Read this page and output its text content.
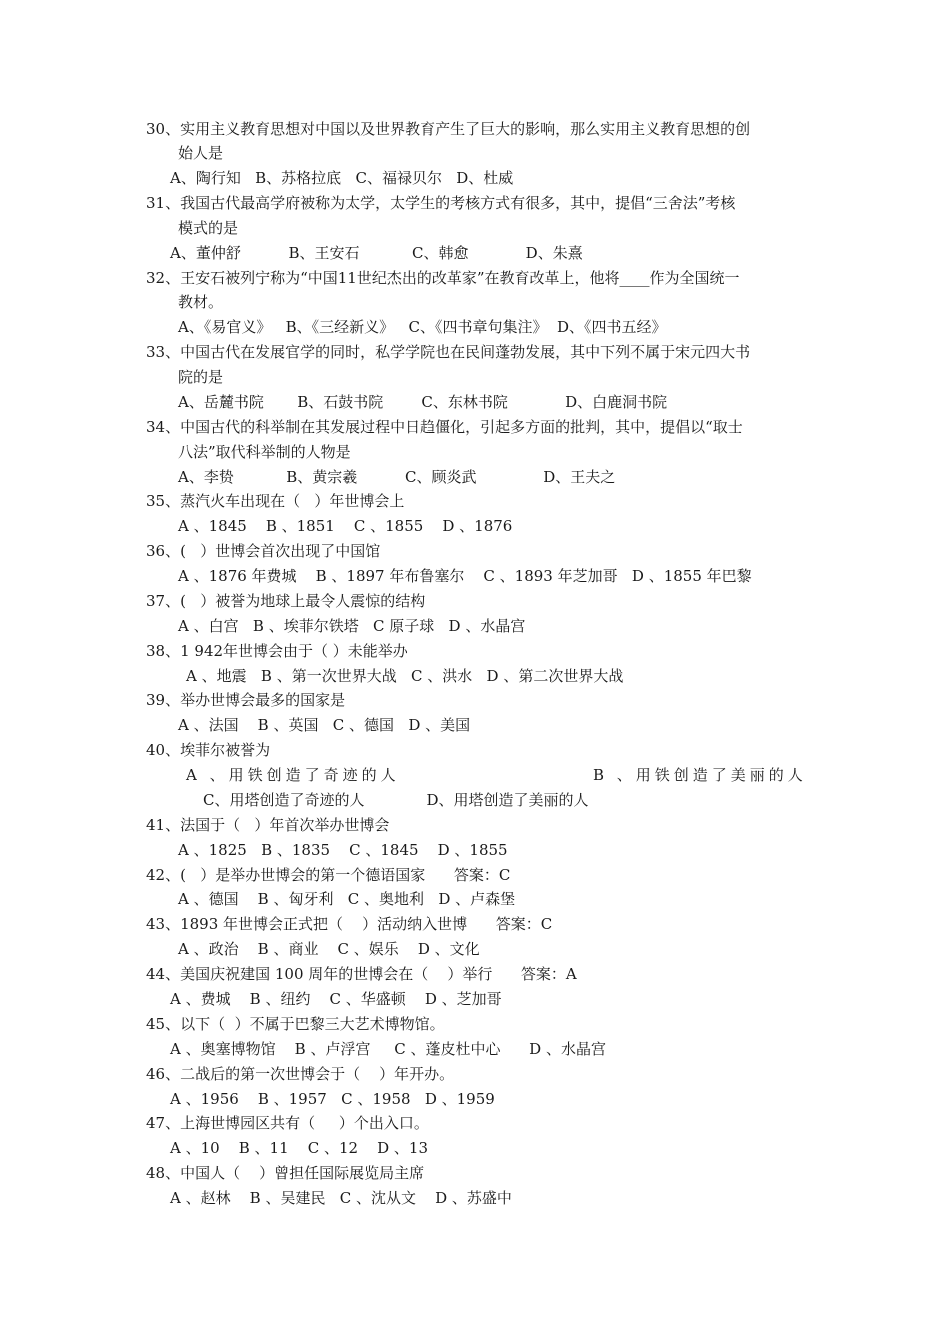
30、实用主义教育思想对中国以及世界教育产生了巨大的影响，那么实用主义教育思想的创
始人是
A、陶行知   B、苏格拉底   C、福禄贝尔   D、杜威
31、我国古代最高学府被称为太学，太学生的考核方式有很多，其中，提倡“三舍法”考核
模式的是
A、董仲舒          B、王安石           C、韩愈            D、朱熹
32、王安石被列宁称为“中国11世纪杰出的改革家”在教育改革上，他将____作为全国统一
教材。
A、《易官义》   B、《三经新义》   C、《四书章句集注》  D、《四书五经》
33、中国古代在发展官学的同时，私学学院也在民间蓬勃发展，其中下列不属于宋元四大书
院的是
A、岳麓书院       B、石鼓书院        C、东林书院            D、白鹿洞书院
34、中国古代的科举制在其发展过程中日趋僵化，引起多方面的批判，其中，提倡以“取士
八法”取代科举制的人物是
A、李贽           B、黄宗羲          C、顾炎武              D、王夫之
35、蒸汽火车出现在（   ）年世博会上
A 、1845    B 、1851    C 、1855    D 、1876
36、(   ）世博会首次出现了中国馆
A 、1876 年费城    B 、1897 年布鲁塞尔    C 、1893 年芝加哥   D 、1855 年巴黎
37、(   ）被誉为地球上最令人震惊的结构
A 、白宫   B 、埃菲尔铁塔   C 原子球   D 、水晶宫
38、1 942年世博会由于（ ）未能举办
A 、地震   B 、第一次世界大战   C 、洪水   D 、第二次世界大战
39、举办世博会最多的国家是
A 、法国    B 、英国   C 、德国   D 、美国
40、埃菲尔被誉为
A 、用铁创造了奇迹的人	B 、用铁创造了美丽的人
C、用塔创造了奇迹的人             D、用塔创造了美丽的人
41、法国于（   ）年首次举办世博会
A 、1825   B 、1835    C 、1845    D 、1855
42、(   ）是举办世博会的第一个德语国家      答案：C
A 、德国    B 、匈牙利   C 、奥地利   D 、卢森堡
43、1893 年世博会正式把（    ）活动纳入世博      答案：C
A 、政治    B 、商业    C 、娱乐    D 、文化
44、美国庆祝建国 100 周年的世博会在（    ）举行      答案：A
A 、费城    B 、纽约    C 、华盛顿    D 、芝加哥
45、以下（  ）不属于巴黎三大艺术博物馆。
A 、奥塞博物馆    B 、卢浮宫     C 、蓬皮杜中心      D 、水晶宫
46、二战后的第一次世博会于（    ）年开办。
A 、1956    B 、1957   C 、1958   D 、1959
47、上海世博园区共有（     ）个出入口。
A 、10    B 、11    C 、12    D 、13
48、中国人（    ）曾担任国际展览局主席
A 、赵林    B 、吴建民   C 、沈从文    D 、苏盛中
